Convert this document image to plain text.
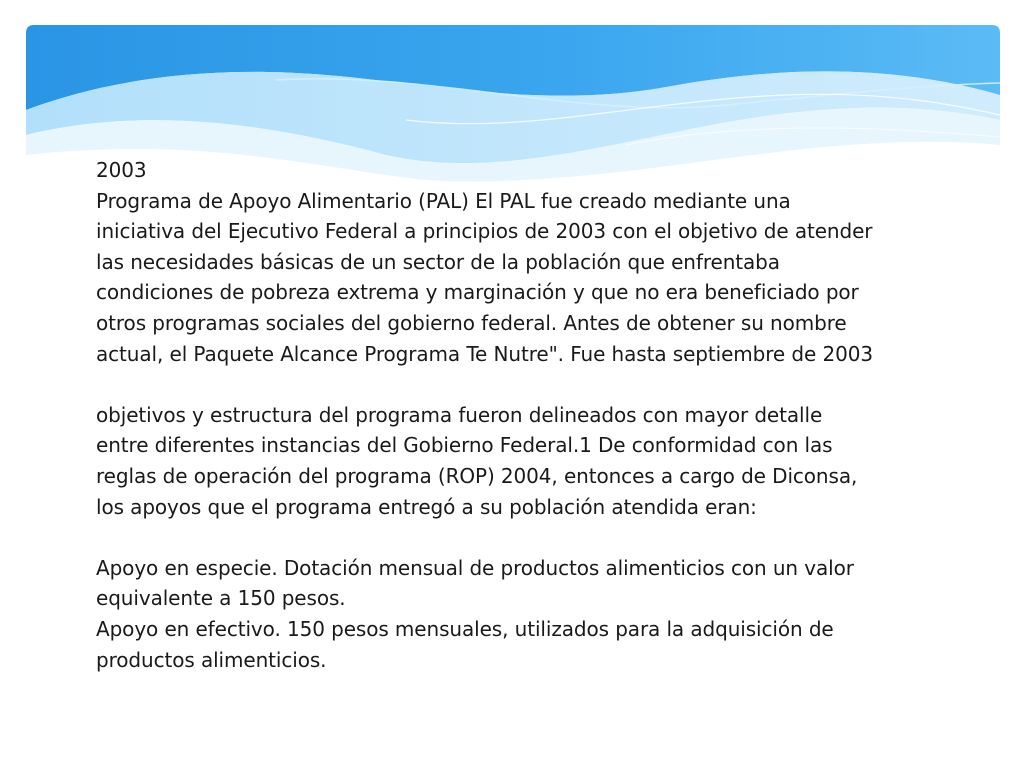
2003
Programa de Apoyo Alimentario (PAL) El PAL fue creado mediante una
iniciativa del Ejecutivo Federal a principios de 2003 con el objetivo de atender
las necesidades básicas de un sector de la población que enfrentaba
condiciones de pobreza extrema y marginación y que no era beneficiado por
otros programas sociales del gobierno federal. Antes de obtener su nombre
actual, el Paquete Alcance Programa Te Nutre". Fue hasta septiembre de 2003

objetivos y estructura del programa fueron delineados con mayor detalle
entre diferentes instancias del Gobierno Federal.1 De conformidad con las
reglas de operación del programa (ROP) 2004, entonces a cargo de Diconsa,
los apoyos que el programa entregó a su población atendida eran:

Apoyo en especie. Dotación mensual de productos alimenticios con un valor
equivalente a 150 pesos.
Apoyo en efectivo. 150 pesos mensuales, utilizados para la adquisición de
productos alimenticios.
